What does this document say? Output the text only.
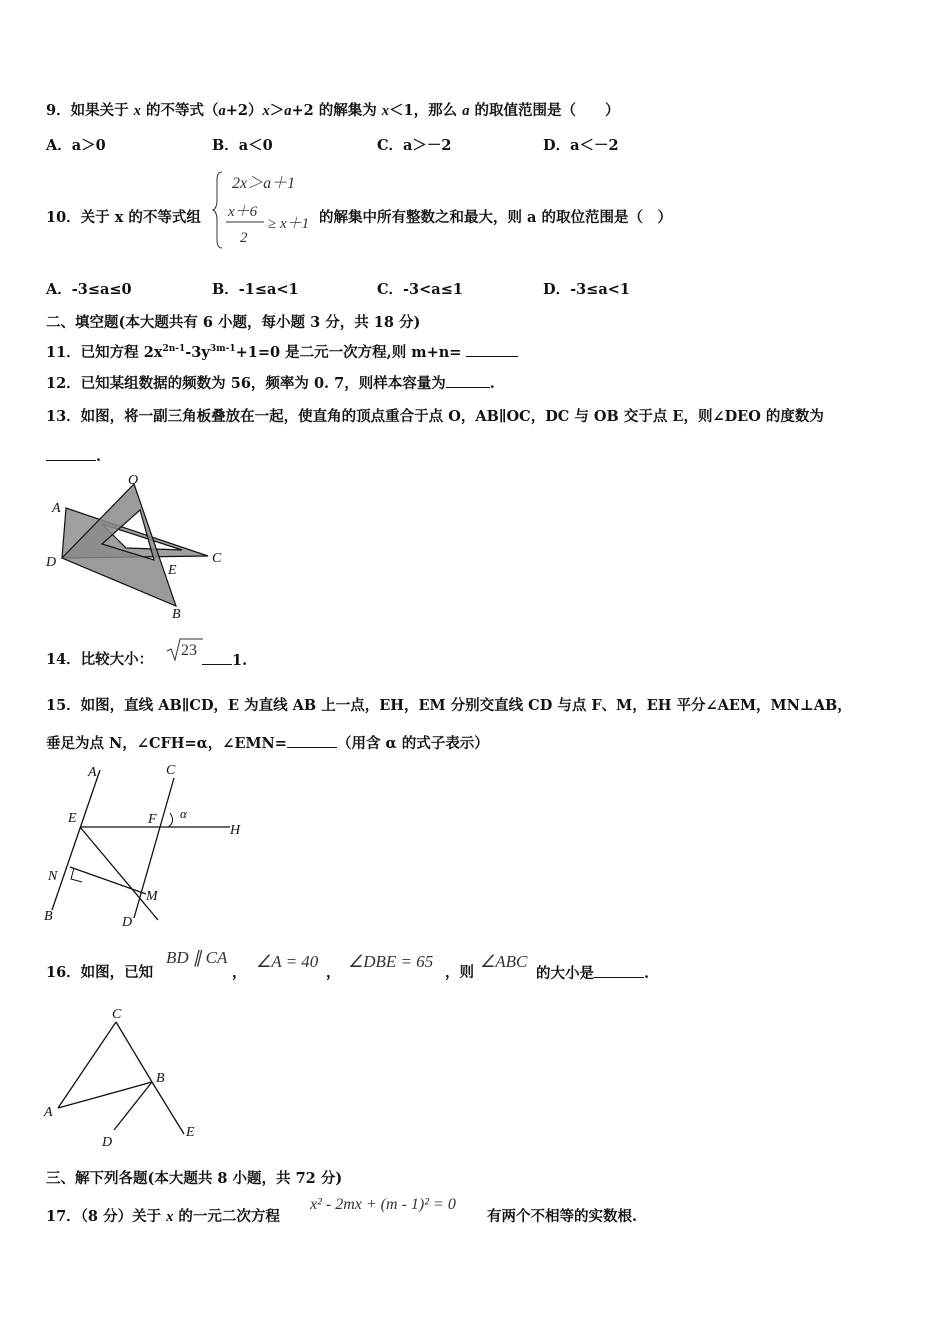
9．如果关于 x 的不等式（a+2）x＞a+2 的解集为 x＜1，那么 a 的取值范围是（　　）
A．a＞0	B．a＜0	C．a＞－2	D．a＜－2
10．关于 x 的不等式组
2x＞a＋1
x＋6
2
≥ x＋1 的解集中所有整数之和最大，则 a 的取位范围是（　）
A．-3≤a≤0	B．-1≤a<1	C．-3<a≤1	D．-3≤a<1
二、填空题(本大题共有 6 小题，每小题 3 分，共 18 分)
11．已知方程 $2x^{2n-1}-3y^{3m-1}+1=0$ 是二元一次方程,则 m+n=
12．已知某组数据的频数为 56，频率为 0. 7，则样本容量为	.
13．如图，将一副三角板叠放在一起，使直角的顶点重合于点 O，AB∥OC，DC 与 OB 交于点 E，则∠DEO 的度数为
.
A
O
D	C
E
B
14．比较大小：
23
1.
15．如图，直线 AB∥CD，E 为直线 AB 上一点，EH，EM 分别交直线 CD 与点 F、M，EH 平分∠AEM，MN⊥AB，
垂足为点 N，∠CFH=α，∠EMN=	（用含 α 的式子表示）
A	C
E	F α
H
N
M
B	D
16．如图，已知
BD ∥ CA
，
∠A = 40
，
∠DBE = 65
，则
∠ABC
的大小是	.
C
B
A
D
E
三、解下列各题(本大题共 8 小题，共 72 分)
17．（8 分）关于 x 的一元二次方程
x² - 2mx + (m - 1)² = 0
有两个不相等的实数根.
